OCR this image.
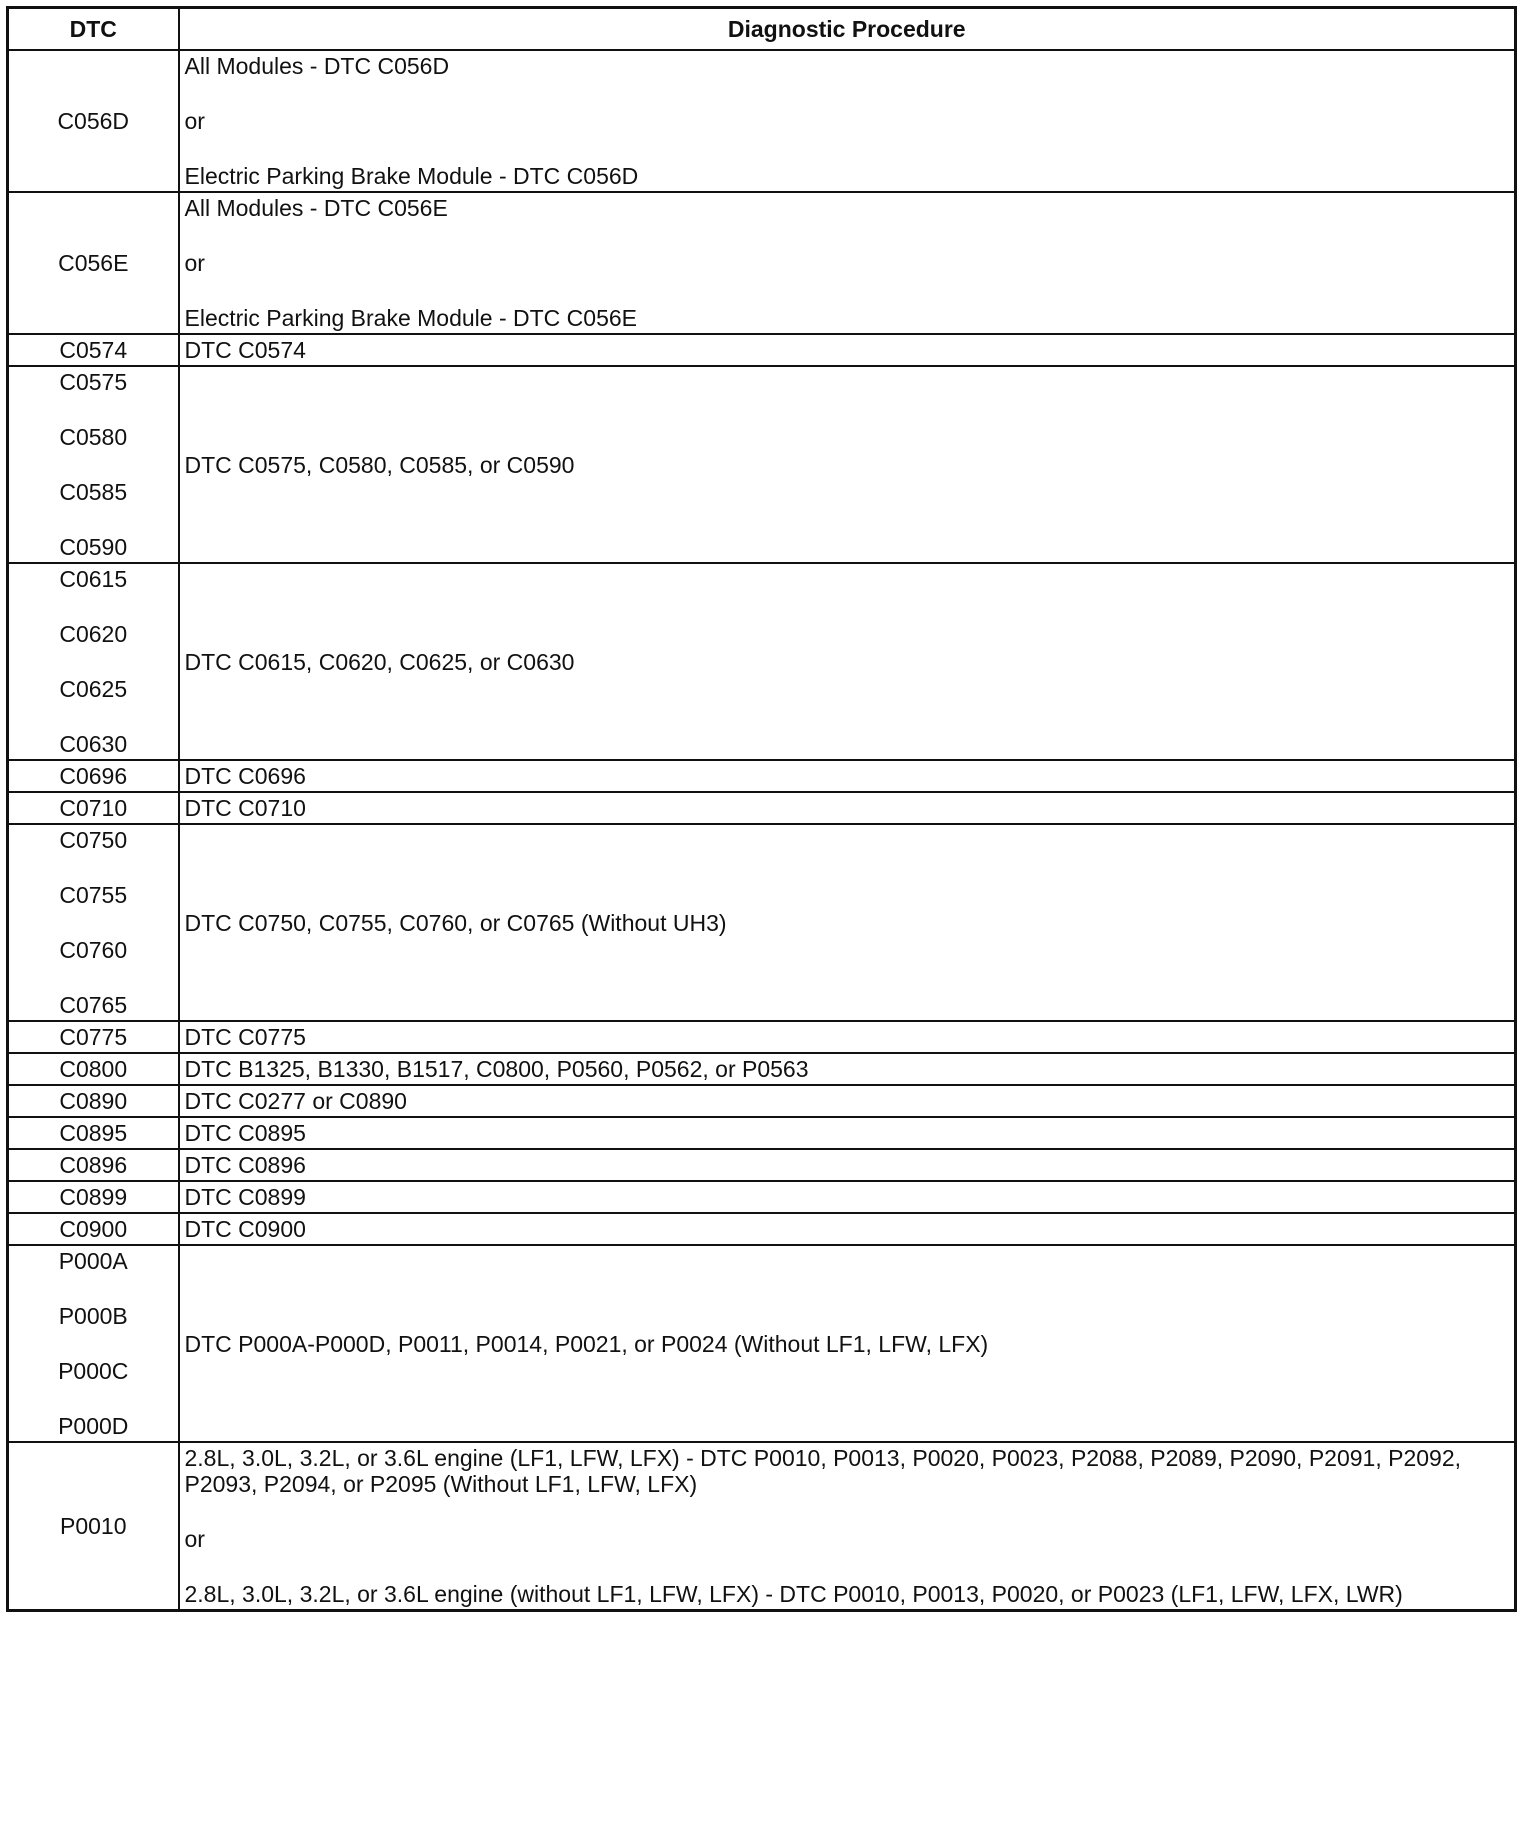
DTC	Diagnostic Procedure

C056D	All Modules - DTC C056D
or
Electric Parking Brake Module - DTC C056D

C056E	All Modules - DTC C056E
or
Electric Parking Brake Module - DTC C056E

C0574	DTC C0574

C0575
C0580
C0585
C0590	DTC C0575, C0580, C0585, or C0590

C0615
C0620
C0625
C0630	DTC C0615, C0620, C0625, or C0630

C0696	DTC C0696

C0710	DTC C0710

C0750
C0755
C0760
C0765	DTC C0750, C0755, C0760, or C0765 (Without UH3)

C0775	DTC C0775

C0800	DTC B1325, B1330, B1517, C0800, P0560, P0562, or P0563

C0890	DTC C0277 or C0890

C0895	DTC C0895

C0896	DTC C0896

C0899	DTC C0899

C0900	DTC C0900

P000A
P000B
P000C
P000D	DTC P000A-P000D, P0011, P0014, P0021, or P0024 (Without LF1, LFW, LFX)

P0010	2.8L, 3.0L, 3.2L, or 3.6L engine (LF1, LFW, LFX) - DTC P0010, P0013, P0020, P0023, P2088, P2089, P2090, P2091, P2092, P2093, P2094, or P2095 (Without LF1, LFW, LFX)
or
2.8L, 3.0L, 3.2L, or 3.6L engine (without LF1, LFW, LFX) - DTC P0010, P0013, P0020, or P0023 (LF1, LFW, LFX, LWR)
